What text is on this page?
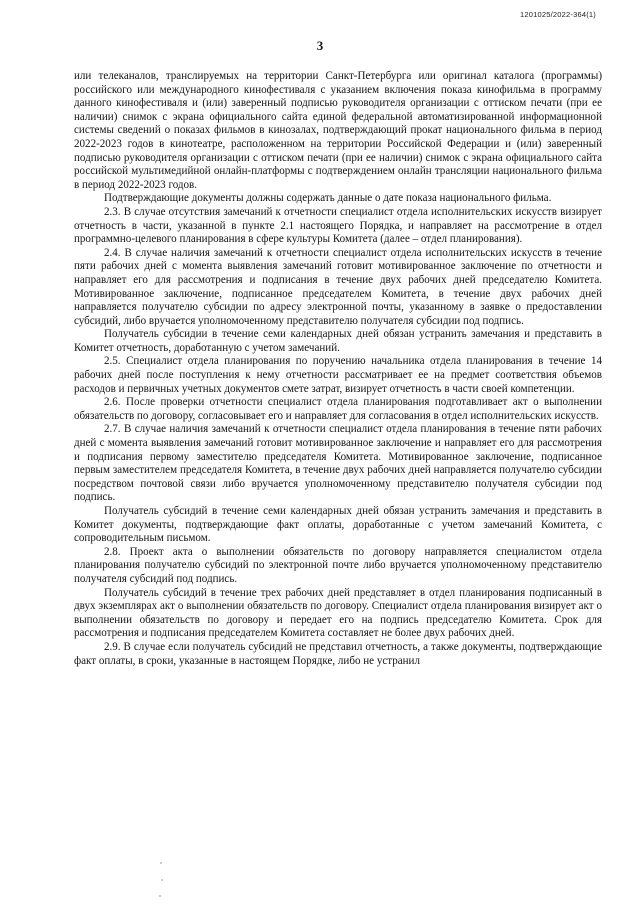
1201025/2022-364(1)
3

или телеканалов, транслируемых на территории Санкт-Петербурга или оригинал каталога (программы) российского или международного кинофестиваля с указанием включения показа кинофильма в программу данного кинофестиваля и (или) заверенный подписью руководителя организации с оттиском печати (при ее наличии) снимок с экрана официального сайта единой федеральной автоматизированной информационной системы сведений о показах фильмов в кинозалах, подтверждающий прокат национального фильма в период 2022-2023 годов в кинотеатре, расположенном на территории Российской Федерации и (или) заверенный подписью руководителя организации с оттиском печати (при ее наличии) снимок с экрана официального сайта российской мультимедийной онлайн-платформы с подтверждением онлайн трансляции национального фильма в период 2022-2023 годов.

Подтверждающие документы должны содержать данные о дате показа национального фильма.

2.3. В случае отсутствия замечаний к отчетности специалист отдела исполнительских искусств визирует отчетность в части, указанной в пункте 2.1 настоящего Порядка, и направляет на рассмотрение в отдел программно-целевого планирования в сфере культуры Комитета (далее – отдел планирования).

2.4. В случае наличия замечаний к отчетности специалист отдела исполнительских искусств в течение пяти рабочих дней с момента выявления замечаний готовит мотивированное заключение по отчетности и направляет его для рассмотрения и подписания в течение двух рабочих дней председателю Комитета. Мотивированное заключение, подписанное председателем Комитета, в течение двух рабочих дней направляется получателю субсидии по адресу электронной почты, указанному в заявке о предоставлении субсидий, либо вручается уполномоченному представителю получателя субсидии под подпись.

Получатель субсидии в течение семи календарных дней обязан устранить замечания и представить в Комитет отчетность, доработанную с учетом замечаний.

2.5. Специалист отдела планирования по поручению начальника отдела планирования в течение 14 рабочих дней после поступления к нему отчетности рассматривает ее на предмет соответствия объемов расходов и первичных учетных документов смете затрат, визирует отчетность в части своей компетенции.

2.6. После проверки отчетности специалист отдела планирования подготавливает акт о выполнении обязательств по договору, согласовывает его и направляет для согласования в отдел исполнительских искусств.

2.7. В случае наличия замечаний к отчетности специалист отдела планирования в течение пяти рабочих дней с момента выявления замечаний готовит мотивированное заключение и направляет его для рассмотрения и подписания первому заместителю председателя Комитета. Мотивированное заключение, подписанное первым заместителем председателя Комитета, в течение двух рабочих дней направляется получателю субсидии посредством почтовой связи либо вручается уполномоченному представителю получателя субсидии под подпись.

Получатель субсидий в течение семи календарных дней обязан устранить замечания и представить в Комитет документы, подтверждающие факт оплаты, доработанные с учетом замечаний Комитета, с сопроводительным письмом.

2.8. Проект акта о выполнении обязательств по договору направляется специалистом отдела планирования получателю субсидий по электронной почте либо вручается уполномоченному представителю получателя субсидий под подпись.

Получатель субсидий в течение трех рабочих дней представляет в отдел планирования подписанный в двух экземплярах акт о выполнении обязательств по договору. Специалист отдела планирования визирует акт о выполнении обязательств по договору и передает его на подпись председателю Комитета. Срок для рассмотрения и подписания председателем Комитета составляет не более двух рабочих дней.

2.9. В случае если получатель субсидий не представил отчетность, а также документы, подтверждающие факт оплаты, в сроки, указанные в настоящем Порядке, либо не устранил
